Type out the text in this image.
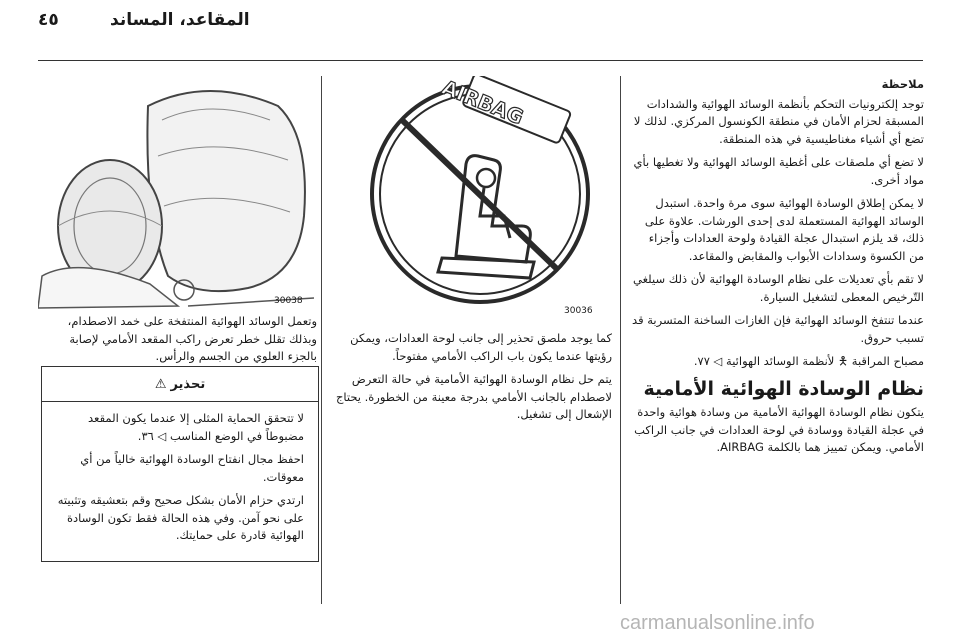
٤٥	المقاعد، المساند
ملاحظة

توجد إلكترونيات التحكم بأنظمة الوسائد الهوائية والشدادات المسبقة لحزام الأمان في منطقة الكونسول المركزي. لذلك لا تضع أي أشياء مغناطيسية في هذه المنطقة.

لا تضع أي ملصقات على أغطية الوسائد الهوائية ولا تغطيها بأي مواد أخرى.

لا يمكن إطلاق الوسادة الهوائية سوى مرة واحدة. استبدل الوسائد الهوائية المستعملة لدى إحدى الورشات. علاوة على ذلك، قد يلزم استبدال عجلة القيادة ولوحة العدادات وأجزاء من الكسوة وسدادات الأبواب والمقابض والمقاعد.

لا تقم بأي تعديلات على نظام الوسادة الهوائية لأن ذلك سيلغي التّرخيص المعطى لتشغيل السيارة.

عندما تنتفخ الوسائد الهوائية فإن الغازات الساخنة المتسربة قد تسبب حروق.

مصباح المراقبة 🯅 لأنظمة الوسائد الهوائية ◁ ٧٧.

نظام الوسادة الهوائية الأمامية

يتكون نظام الوسادة الهوائية الأمامية من وسادة هوائية واحدة في عجلة القيادة ووسادة في لوحة العدادات في جانب الراكب الأمامي. ويمكن تمييز هما بالكلمة AIRBAG.

AIRBAG
30036

كما يوجد ملصق تحذير إلى جانب لوحة العدادات، ويمكن رؤيتها عندما يكون باب الراكب الأمامي مفتوحاً.

يتم حل نظام الوسادة الهوائية الأمامية في حالة التعرض لاصطدام بالجانب الأمامي بدرجة معينة من الخطورة. يحتاج الإشعال إلى تشغيل.

30038

وتعمل الوسائد الهوائية المنتفخة على خمد الاصطدام، وبذلك تقلل خطر تعرض راكب المقعد الأمامي لإصابة بالجزء العلوي من الجسم والرأس.

تحذير
⚠

لا تتحقق الحماية المثلى إلا عندما يكون المقعد مضبوطاً في الوضع المناسب ◁ ٣٦.

احفظ مجال انفتاح الوسادة الهوائية خالياً من أي معوقات.

ارتدي حزام الأمان بشكل صحيح وقم بتعشيقه وتثبيته على نحو آمن. وفي هذه الحالة فقط تكون الوسادة الهوائية قادرة على حمايتك.

carmanualsonline.info
